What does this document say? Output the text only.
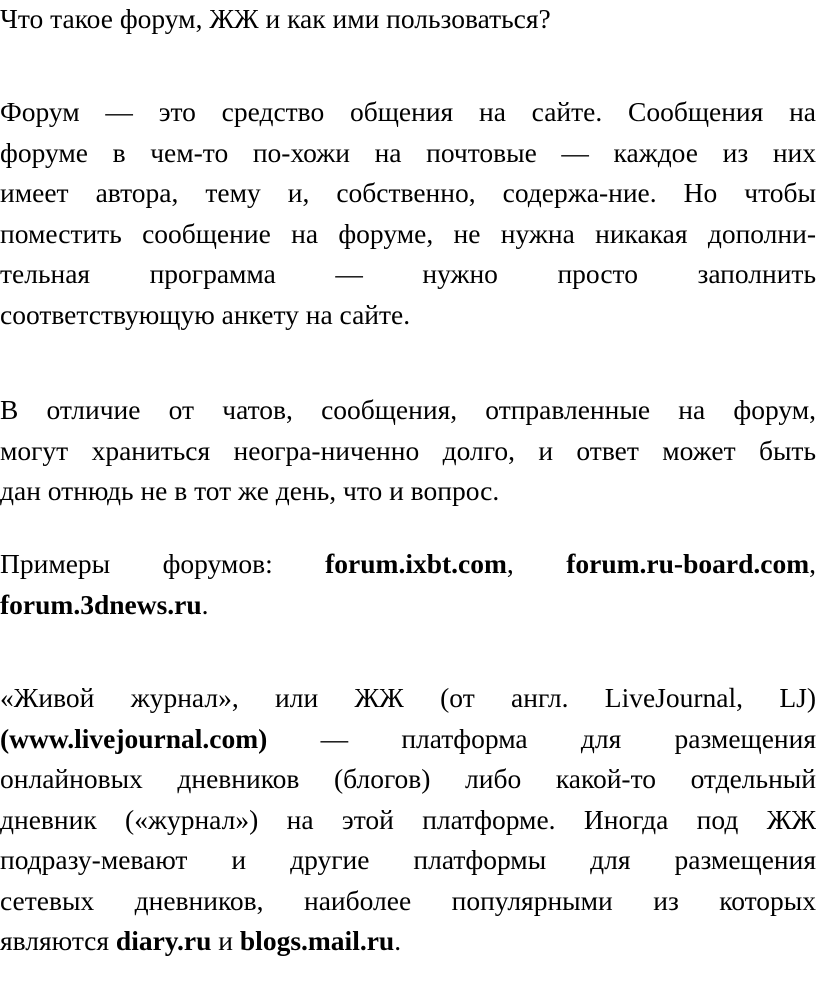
Что такое форум, ЖЖ и как ими пользоваться?
Форум — это средство общения на сайте. Сообщения на
форуме в чем-то по-хожи на почтовые — каждое из них
имеет автора, тему и, собственно, содержа-ние. Но чтобы
поместить сообщение на форуме, не нужна никакая дополни-
тельная программа — нужно просто заполнить
соответствующую анкету на сайте.
В отличие от чатов, сообщения, отправленные на форум,
могут храниться неогра-ниченно долго, и ответ может быть
дан отнюдь не в тот же день, что и вопрос.
Примеры форумов: forum.ixbt.com, forum.ru-board.com,
forum.3dnews.ru.
«Живой журнал», или ЖЖ (от англ. LiveJournal, LJ)
(www.livejournal.com) — платформа для размещения
онлайновых дневников (блогов) либо какой-то отдельный
дневник («журнал») на этой платформе. Иногда под ЖЖ
подразу-мевают и другие платформы для размещения
сетевых дневников, наиболее популярными из которых
являются diary.ru и blogs.mail.ru.
